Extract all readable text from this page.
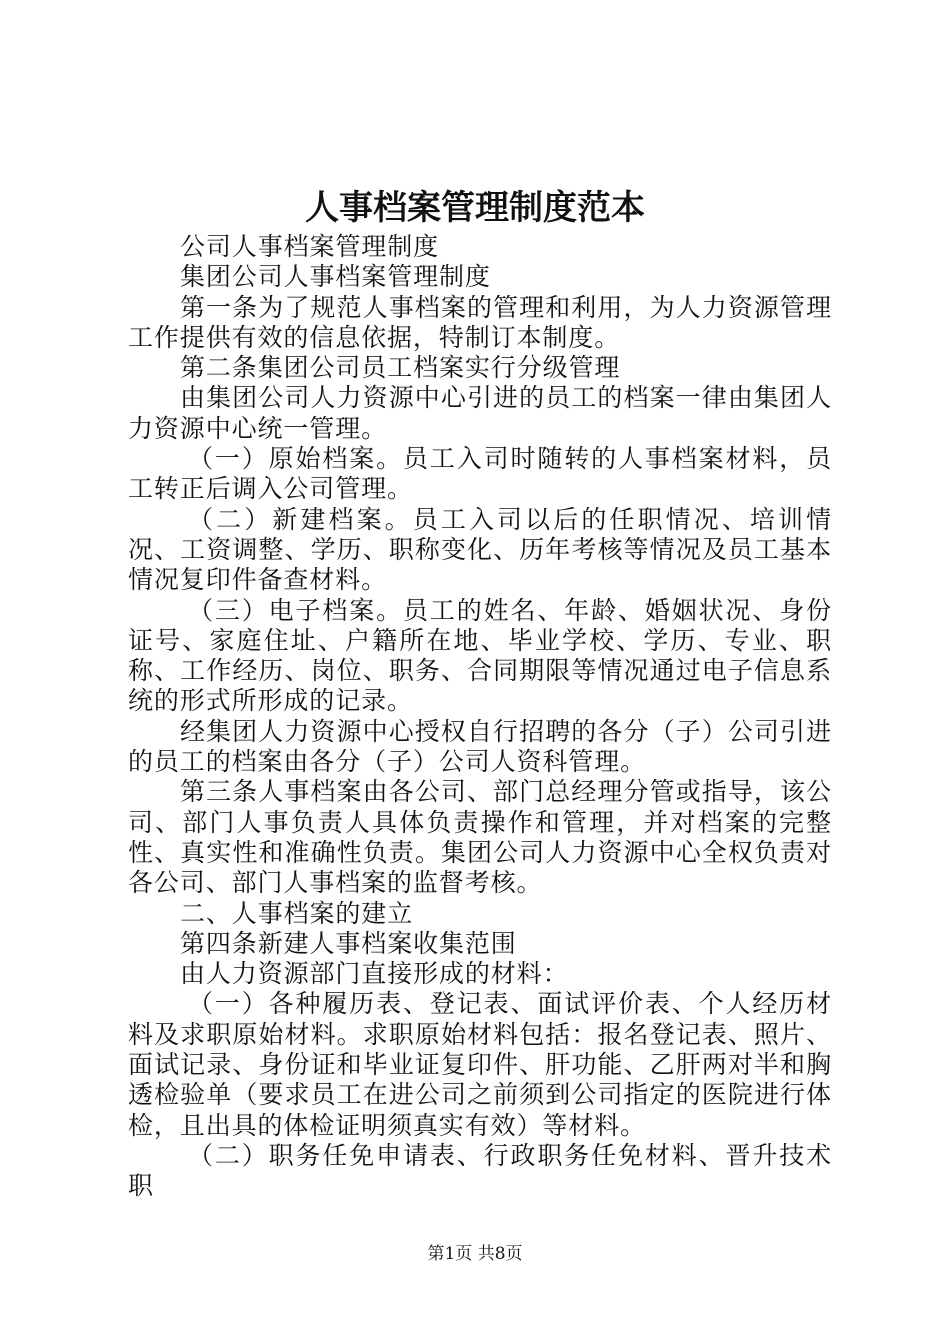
人事档案管理制度范本

公司人事档案管理制度

集团公司人事档案管理制度

第一条为了规范人事档案的管理和利用，为人力资源管理工作提供有效的信息依据，特制订本制度。

第二条集团公司员工档案实行分级管理

由集团公司人力资源中心引进的员工的档案一律由集团人力资源中心统一管理。

（一）原始档案。员工入司时随转的人事档案材料，员工转正后调入公司管理。

（二）新建档案。员工入司以后的任职情况、培训情况、工资调整、学历、职称变化、历年考核等情况及员工基本情况复印件备查材料。

（三）电子档案。员工的姓名、年龄、婚姻状况、身份证号、家庭住址、户籍所在地、毕业学校、学历、专业、职称、工作经历、岗位、职务、合同期限等情况通过电子信息系统的形式所形成的记录。

经集团人力资源中心授权自行招聘的各分（子）公司引进的员工的档案由各分（子）公司人资科管理。

第三条人事档案由各公司、部门总经理分管或指导，该公司、部门人事负责人具体负责操作和管理，并对档案的完整性、真实性和准确性负责。集团公司人力资源中心全权负责对各公司、部门人事档案的监督考核。

二、人事档案的建立

第四条新建人事档案收集范围

由人力资源部门直接形成的材料：

（一）各种履历表、登记表、面试评价表、个人经历材料及求职原始材料。求职原始材料包括：报名登记表、照片、面试记录、身份证和毕业证复印件、肝功能、乙肝两对半和胸透检验单（要求员工在进公司之前须到公司指定的医院进行体检，且出具的体检证明须真实有效）等材料。

（二）职务任免申请表、行政职务任免材料、晋升技术职

第1页 共8页
